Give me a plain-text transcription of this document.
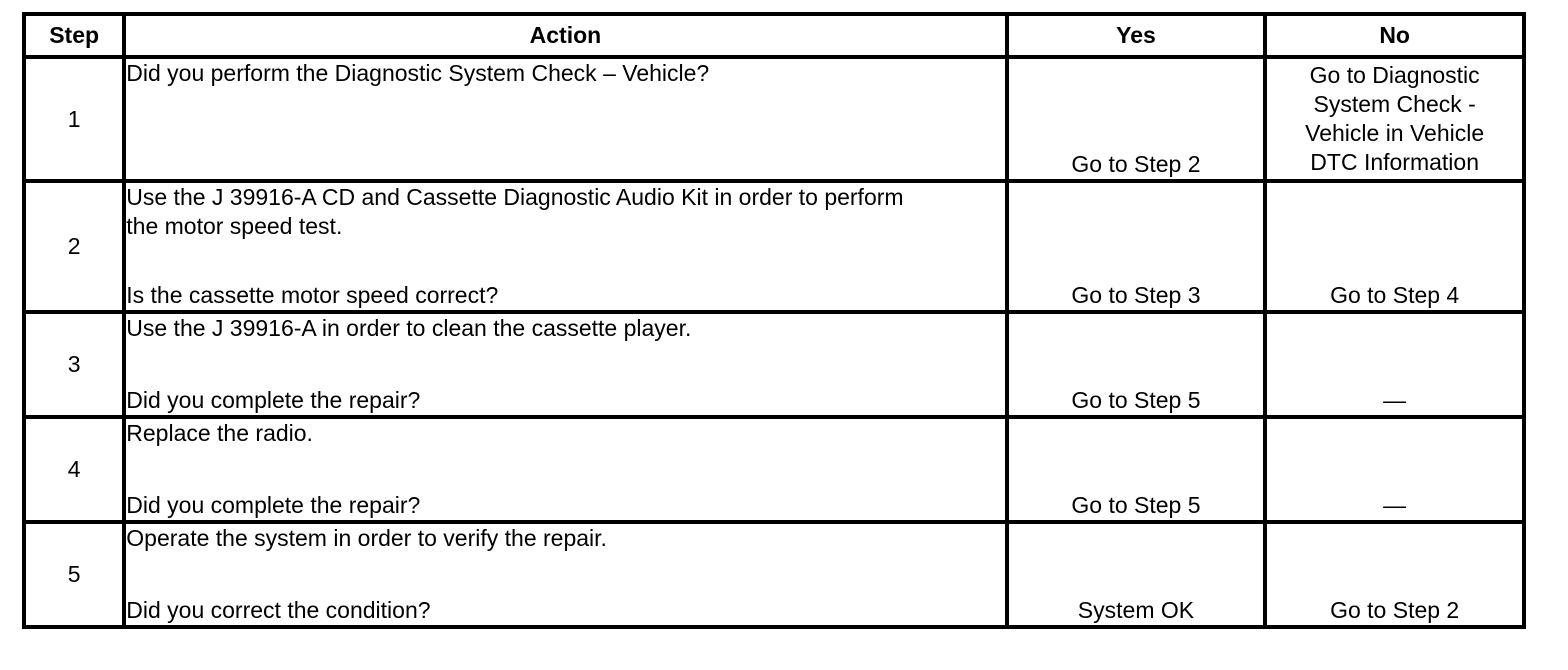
Step	Action	Yes	No
1	Did you perform the Diagnostic System Check – Vehicle?	Go to Step 2	Go to Diagnostic
System Check -
Vehicle in Vehicle
DTC Information

2	Use the J 39916-A CD and Cassette Diagnostic Audio Kit in order to perform
the motor speed test.
Is the cassette motor speed correct?	Go to Step 3	Go to Step 4
3	Use the J 39916-A in order to clean the cassette player.
Did you complete the repair?	Go to Step 5	—
4	Replace the radio.
Did you complete the repair?	Go to Step 5	—
5	Operate the system in order to verify the repair.
Did you correct the condition?	System OK	Go to Step 2
